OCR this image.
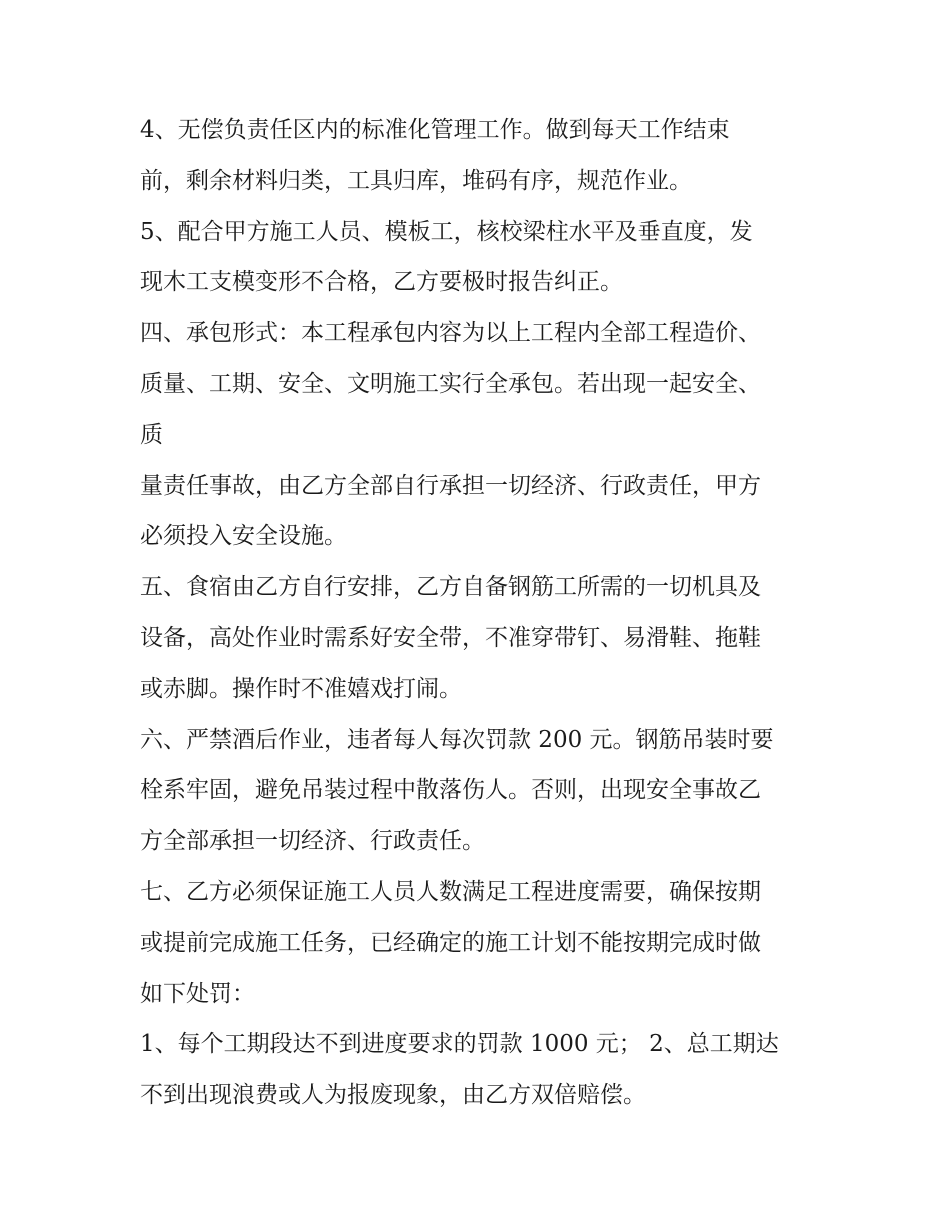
4、无偿负责任区内的标准化管理工作。做到每天工作结束
前，剩余材料归类，工具归库，堆码有序，规范作业。
5、配合甲方施工人员、模板工，核校梁柱水平及垂直度，发
现木工支模变形不合格，乙方要极时报告纠正。
四、承包形式：本工程承包内容为以上工程内全部工程造价、
质量、工期、安全、文明施工实行全承包。若出现一起安全、
质
量责任事故，由乙方全部自行承担一切经济、行政责任，甲方
必须投入安全设施。
五、食宿由乙方自行安排，乙方自备钢筋工所需的一切机具及
设备，高处作业时需系好安全带，不准穿带钉、易滑鞋、拖鞋
或赤脚。操作时不准嬉戏打闹。
六、严禁酒后作业，违者每人每次罚款 200 元。钢筋吊装时要
栓系牢固，避免吊装过程中散落伤人。否则，出现安全事故乙
方全部承担一切经济、行政责任。
七、乙方必须保证施工人员人数满足工程进度需要，确保按期
或提前完成施工任务，已经确定的施工计划不能按期完成时做
如下处罚：
1、每个工期段达不到进度要求的罚款 1000 元； 2、总工期达
不到出现浪费或人为报废现象，由乙方双倍赔偿。
